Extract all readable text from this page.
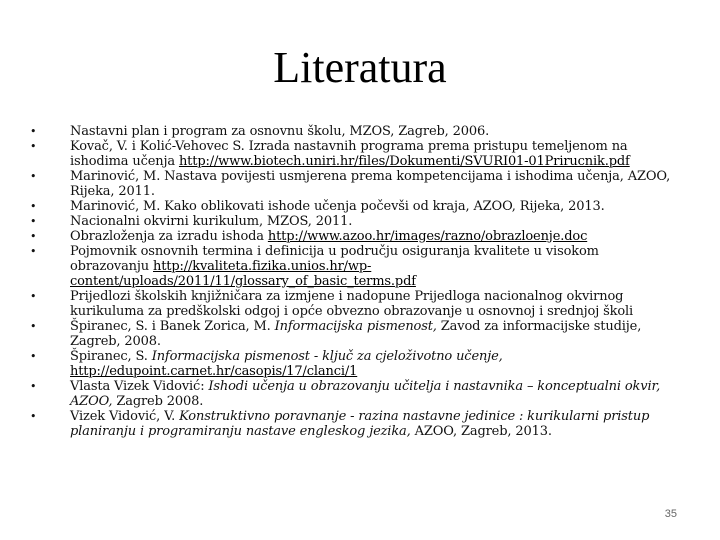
Literatura
•	Nastavni plan i program za osnovnu školu, MZOS, Zagreb, 2006.
•	Kovač, V. i Kolić-Vehovec S. Izrada nastavnih programa prema pristupu temeljenom na ishodima učenja http://www.biotech.uniri.hr/files/Dokumenti/SVURI01-01Prirucnik.pdf
•	Marinović, M. Nastava povijesti usmjerena prema kompetencijama i ishodima učenja, AZOO, Rijeka, 2011.
•	Marinović, M. Kako oblikovati ishode učenja počevši od kraja, AZOO, Rijeka, 2013.
•	Nacionalni okvirni kurikulum, MZOS, 2011.
•	Obrazloženja za izradu ishoda http://www.azoo.hr/images/razno/obrazloenje.doc
•	Pojmovnik osnovnih termina i definicija u području osiguranja kvalitete u visokom obrazovanju http://kvaliteta.fizika.unios.hr/wp-content/uploads/2011/11/glossary_of_basic_terms.pdf
•	Prijedlozi školskih knjižničara za izmjene i nadopune Prijedloga nacionalnog okvirnog kurikuluma za predškolski odgoj i opće obvezno obrazovanje u osnovnoj i srednjoj školi
•	Špiranec, S. i Banek Zorica, M. Informacijska pismenost, Zavod za informacijske studije, Zagreb, 2008.
•	Špiranec, S. Informacijska pismenost - ključ za cjeloživotno učenje, http://edupoint.carnet.hr/casopis/17/clanci/1
•	Vlasta Vizek Vidović: Ishodi učenja u obrazovanju učitelja i nastavnika – konceptualni okvir, AZOO, Zagreb 2008.
•	Vizek Vidović, V. Konstruktivno poravnanje - razina nastavne jedinice : kurikularni pristup planiranju i programiranju nastave engleskog jezika, AZOO, Zagreb, 2013.
35
